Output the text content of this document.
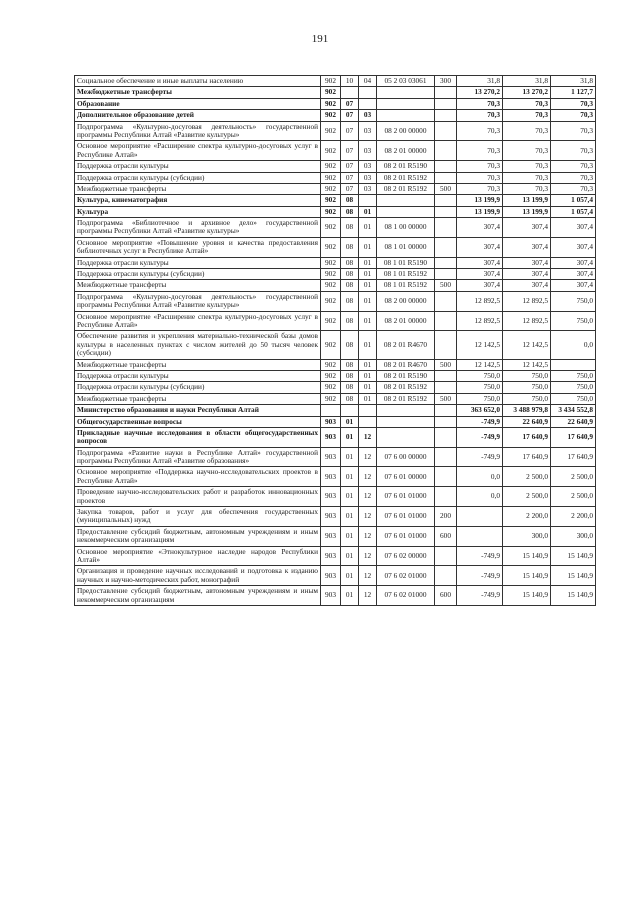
191
Социальное обеспечение и иные выплаты населению	902	10	04	05 2 03 03061	300	31,8	31,8	31,8
Межбюджетные трансферты	902					13 270,2	13 270,2	1 127,7
Образование	902	07				70,3	70,3	70,3
Дополнительное образование детей	902	07	03			70,3	70,3	70,3
Подпрограмма «Культурно-досуговая деятельность» государственной программы Республики Алтай «Развитие культуры»	902	07	03	08 2 00 00000		70,3	70,3	70,3
Основное мероприятие «Расширение спектра культурно-досуговых услуг в Республике Алтай»	902	07	03	08 2 01 00000		70,3	70,3	70,3
Поддержка отрасли культуры	902	07	03	08 2 01 R5190		70,3	70,3	70,3
Поддержка отрасли культуры (субсидии)	902	07	03	08 2 01 R5192		70,3	70,3	70,3
Межбюджетные трансферты	902	07	03	08 2 01 R5192	500	70,3	70,3	70,3
Культура, кинематография	902	08				13 199,9	13 199,9	1 057,4
Культура	902	08	01			13 199,9	13 199,9	1 057,4
Подпрограмма «Библиотечное и архивное дело» государственной программы Республики Алтай «Развитие культуры»	902	08	01	08 1 00 00000		307,4	307,4	307,4
Основное мероприятие «Повышение уровня и качества предоставления библиотечных услуг в Республике Алтай»	902	08	01	08 1 01 00000		307,4	307,4	307,4
Поддержка отрасли культуры	902	08	01	08 1 01 R5190		307,4	307,4	307,4
Поддержка отрасли культуры (субсидии)	902	08	01	08 1 01 R5192		307,4	307,4	307,4
Межбюджетные трансферты	902	08	01	08 1 01 R5192	500	307,4	307,4	307,4
Подпрограмма «Культурно-досуговая деятельность» государственной программы Республики Алтай «Развитие культуры»	902	08	01	08 2 00 00000		12 892,5	12 892,5	750,0
Основное мероприятие «Расширение спектра культурно-досуговых услуг в Республике Алтай»	902	08	01	08 2 01 00000		12 892,5	12 892,5	750,0
Обеспечение развития и укрепления материально-технической базы домов культуры в населенных пунктах с числом жителей до 50 тысяч человек (субсидии)	902	08	01	08 2 01 R4670		12 142,5	12 142,5	0,0
Межбюджетные трансферты	902	08	01	08 2 01 R4670	500	12 142,5	12 142,5	
Поддержка отрасли культуры	902	08	01	08 2 01 R5190		750,0	750,0	750,0
Поддержка отрасли культуры (субсидии)	902	08	01	08 2 01 R5192		750,0	750,0	750,0
Межбюджетные трансферты	902	08	01	08 2 01 R5192	500	750,0	750,0	750,0
Министерство образования и науки Республики Алтай						363 652,0	3 488 979,8	3 434 552,8
Общегосударственные вопросы	903	01				-749,9	22 640,9	22 640,9
Прикладные научные исследования в области общегосударственных вопросов	903	01	12			-749,9	17 640,9	17 640,9
Подпрограмма «Развитие науки в Республике Алтай» государственной программы Республики Алтай «Развитие образования»	903	01	12	07 6 00 00000		-749,9	17 640,9	17 640,9
Основное мероприятие «Поддержка научно-исследовательских проектов в Республике Алтай»	903	01	12	07 6 01 00000		0,0	2 500,0	2 500,0
Проведение научно-исследовательских работ и разработок инновационных проектов	903	01	12	07 6 01 01000		0,0	2 500,0	2 500,0
Закупка товаров, работ и услуг для обеспечения государственных (муниципальных) нужд	903	01	12	07 6 01 01000	200		2 200,0	2 200,0
Предоставление субсидий бюджетным, автономным учреждениям и иным некоммерческим организациям	903	01	12	07 6 01 01000	600		300,0	300,0
Основное мероприятие «Этнокультурное наследие народов Республики Алтай»	903	01	12	07 6 02 00000		-749,9	15 140,9	15 140,9
Организация и проведение научных исследований и подготовка к изданию научных и научно-методических работ, монографий	903	01	12	07 6 02 01000		-749,9	15 140,9	15 140,9
Предоставление субсидий бюджетным, автономным учреждениям и иным некоммерческим организациям	903	01	12	07 6 02 01000	600	-749,9	15 140,9	15 140,9
